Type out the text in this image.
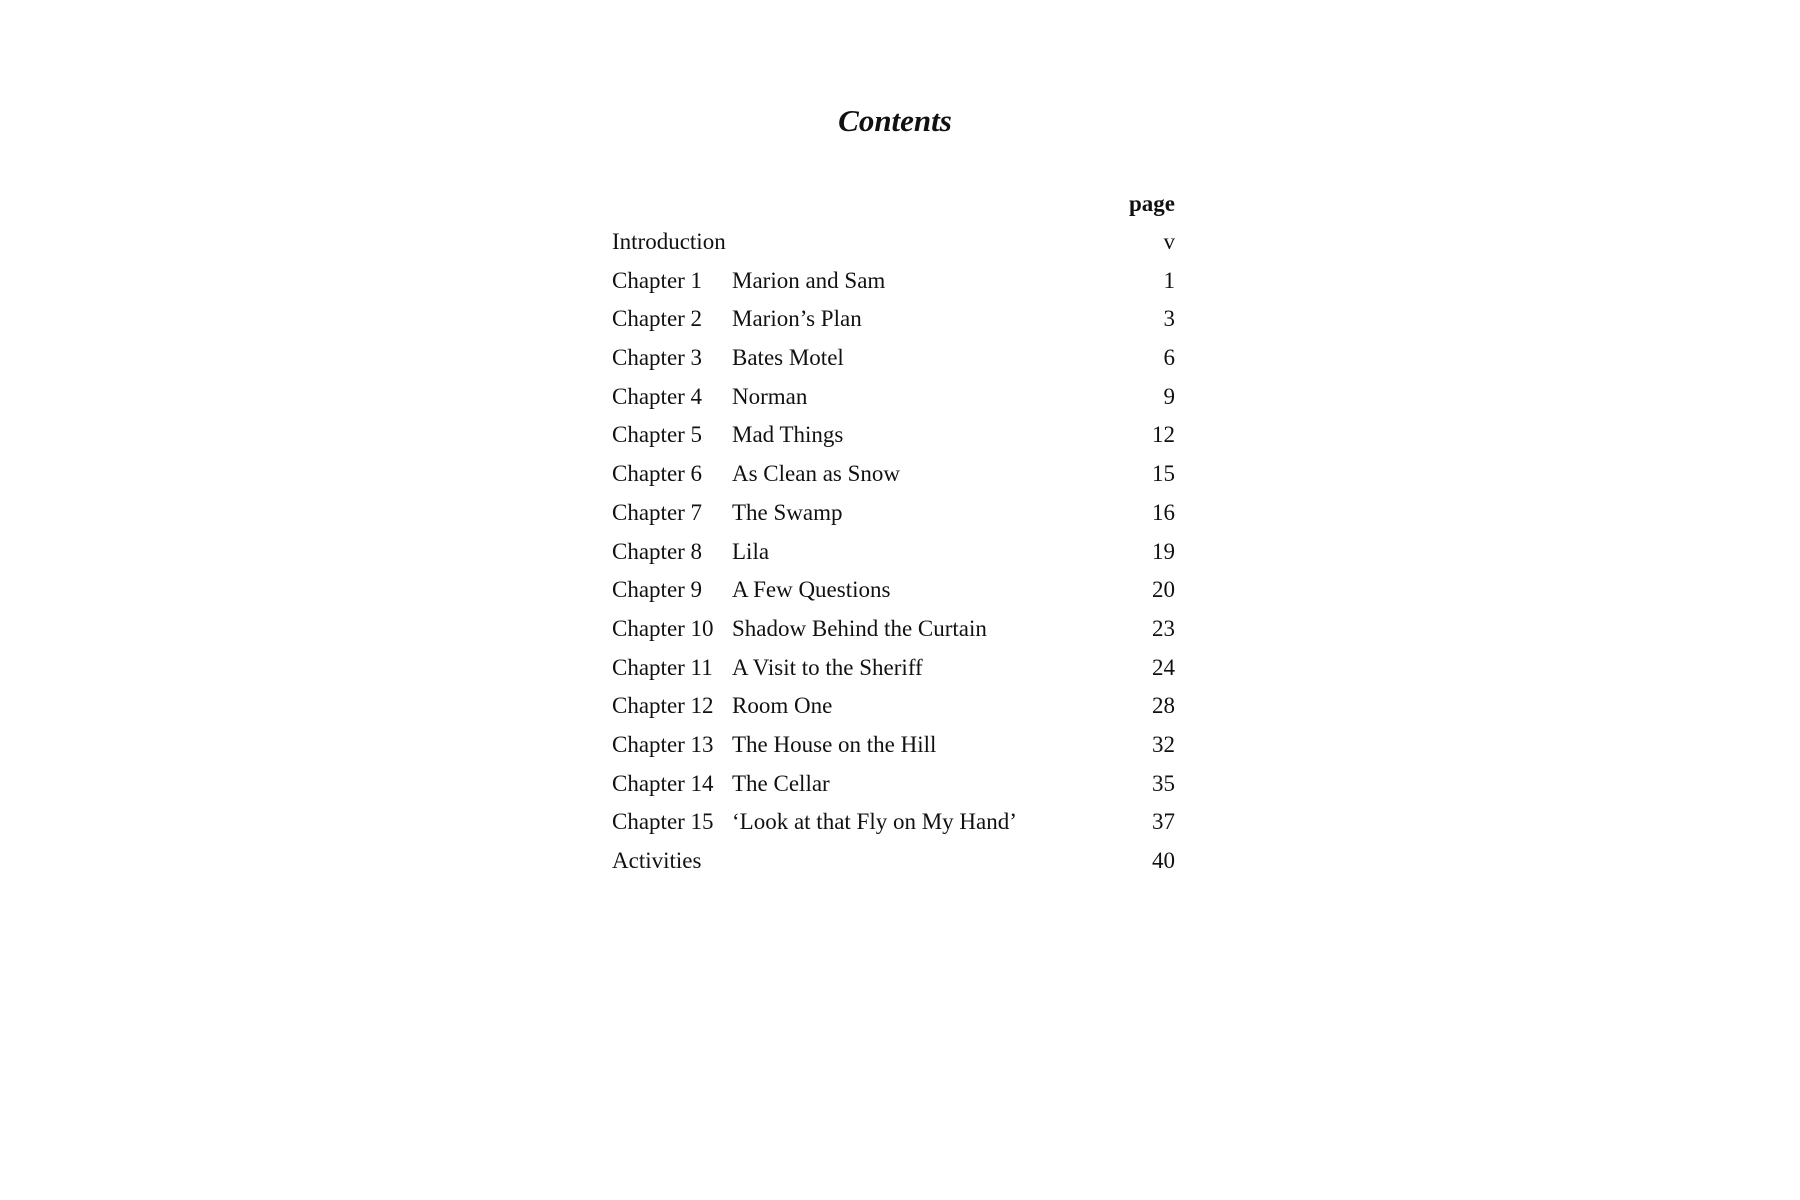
Contents
page
Introduction	v
Chapter 1 Marion and Sam	1
Chapter 2 Marion’s Plan	3
Chapter 3 Bates Motel	6
Chapter 4 Norman	9
Chapter 5 Mad Things	12
Chapter 6 As Clean as Snow	15
Chapter 7 The Swamp	16
Chapter 8 Lila	19
Chapter 9 A Few Questions	20
Chapter 10 Shadow Behind the Curtain	23
Chapter 11 A Visit to the Sheriff	24
Chapter 12 Room One	28
Chapter 13 The House on the Hill	32
Chapter 14 The Cellar	35
Chapter 15 ‘Look at that Fly on My Hand’	37
Activities	40
